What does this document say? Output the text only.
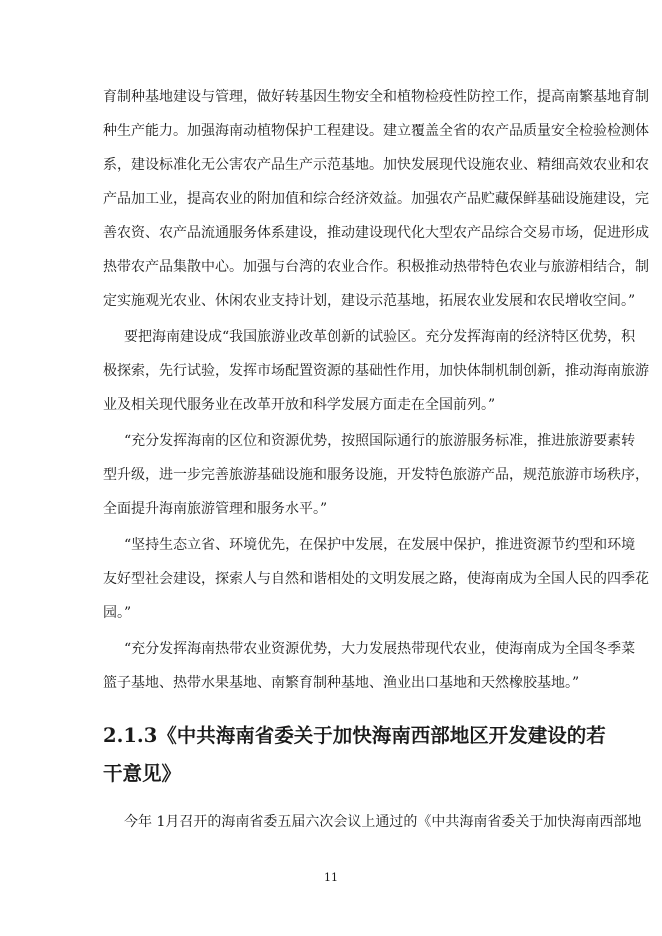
育制种基地建设与管理，做好转基因生物安全和植物检疫性防控工作，提高南繁基地育制
种生产能力。加强海南动植物保护工程建设。建立覆盖全省的农产品质量安全检验检测体
系，建设标准化无公害农产品生产示范基地。加快发展现代设施农业、精细高效农业和农
产品加工业，提高农业的附加值和综合经济效益。加强农产品贮藏保鲜基础设施建设，完
善农资、农产品流通服务体系建设，推动建设现代化大型农产品综合交易市场，促进形成
热带农产品集散中心。加强与台湾的农业合作。积极推动热带特色农业与旅游相结合，制
定实施观光农业、休闲农业支持计划，建设示范基地，拓展农业发展和农民增收空间。”
要把海南建设成“我国旅游业改革创新的试验区。充分发挥海南的经济特区优势，积
极探索，先行试验，发挥市场配置资源的基础性作用，加快体制机制创新，推动海南旅游
业及相关现代服务业在改革开放和科学发展方面走在全国前列。”
“充分发挥海南的区位和资源优势，按照国际通行的旅游服务标准，推进旅游要素转
型升级，进一步完善旅游基础设施和服务设施，开发特色旅游产品，规范旅游市场秩序，
全面提升海南旅游管理和服务水平。”
“坚持生态立省、环境优先，在保护中发展，在发展中保护，推进资源节约型和环境
友好型社会建设，探索人与自然和谐相处的文明发展之路，使海南成为全国人民的四季花
园。”
“充分发挥海南热带农业资源优势，大力发展热带现代农业，使海南成为全国冬季菜
篮子基地、热带水果基地、南繁育制种基地、渔业出口基地和天然橡胶基地。”
2.1.3《中共海南省委关于加快海南西部地区开发建设的若
干意见》
今年 1月召开的海南省委五届六次会议上通过的《中共海南省委关于加快海南西部地
11
